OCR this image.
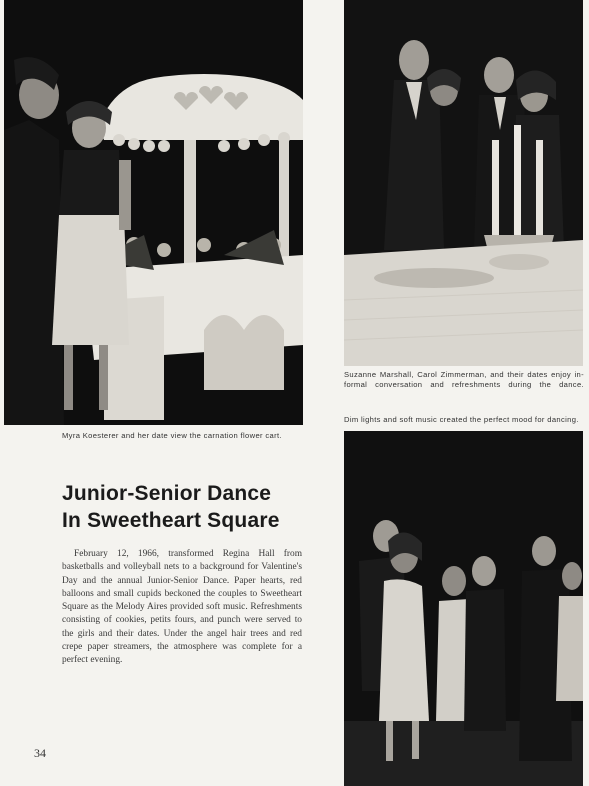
Suzanne Marshall, Carol Zimmerman, and their dates enjoy in-
formal conversation and refreshments during the dance.
Dim lights and soft music created the perfect mood for dancing.
Myra Koesterer and her date view the carnation flower cart.
Junior-Senior Dance
In Sweetheart Square

February 12, 1966, transformed Regina Hall from basketballs and volleyball nets to a background for Valentine's Day and the annual Junior-Senior Dance. Paper hearts, red balloons and small cupids beckoned the couples to Sweetheart Square as the Melody Aires provided soft music. Refreshments consisting of cookies, petits fours, and punch were served to the girls and their dates. Under the angel hair trees and red crepe paper streamers, the atmosphere was complete for a perfect evening.

34
